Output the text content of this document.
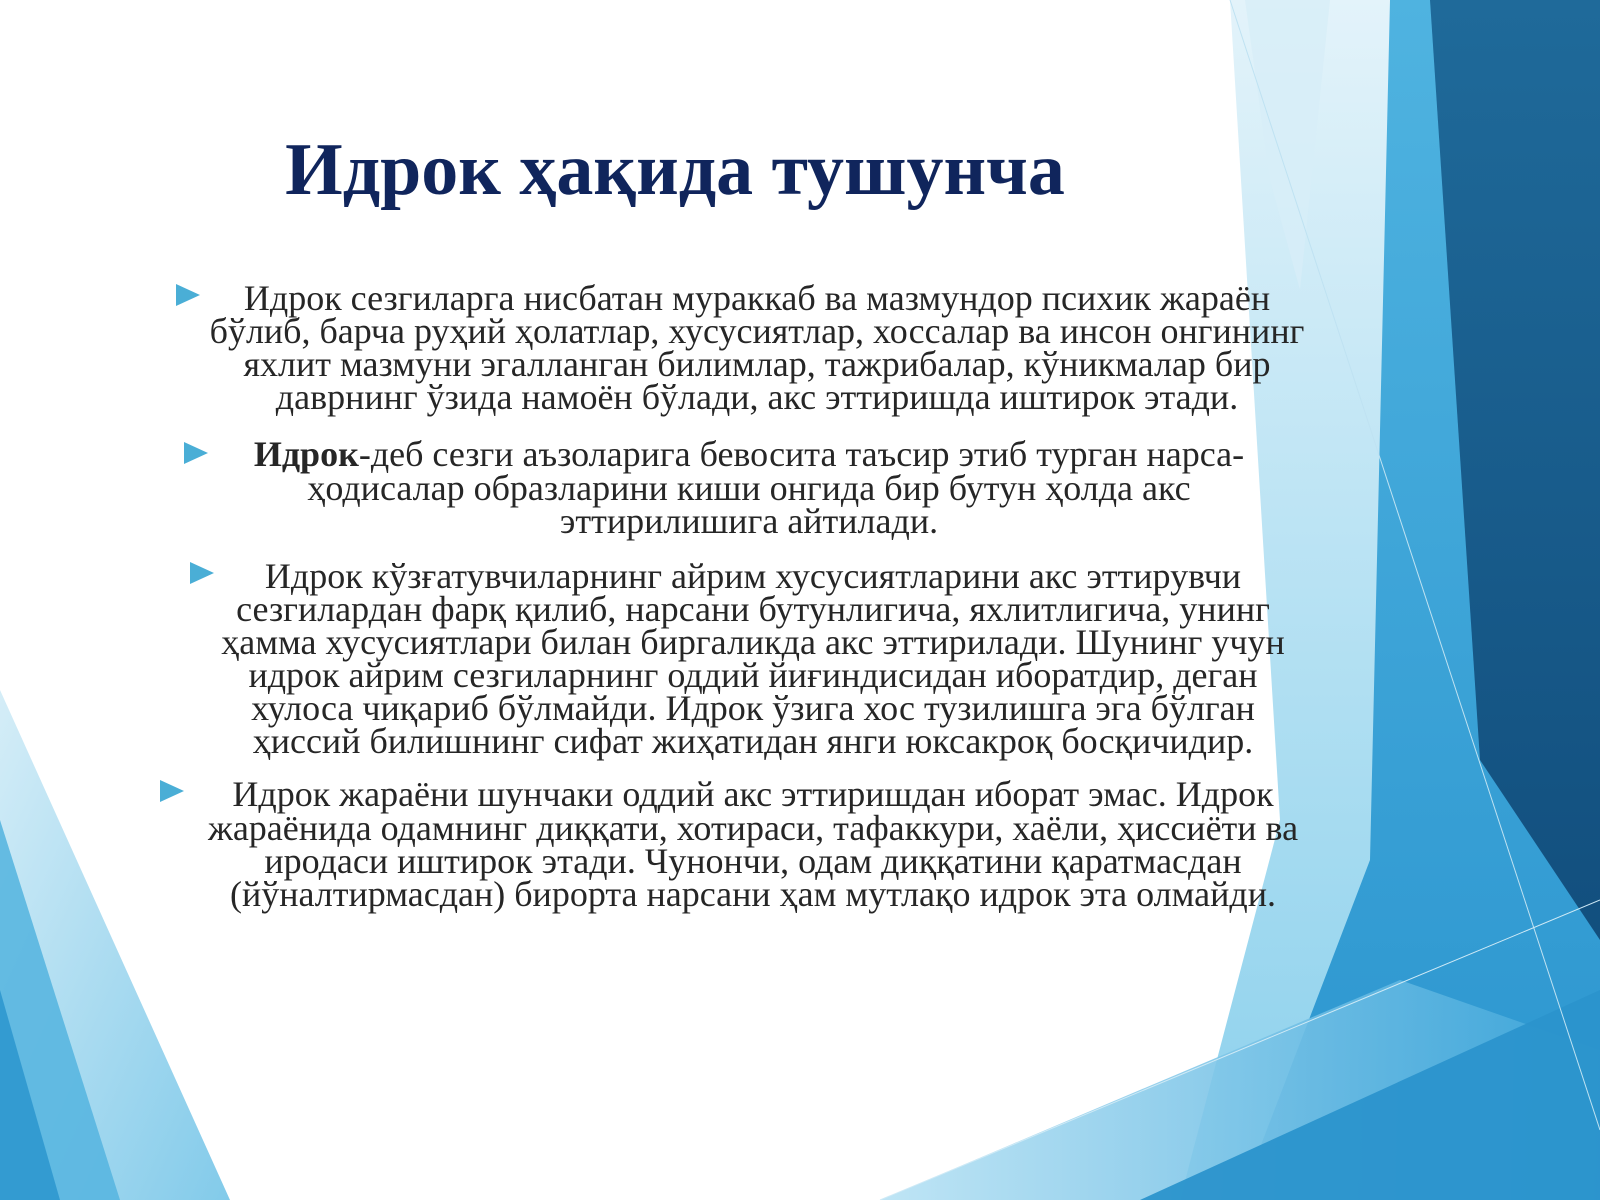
Идрок ҳақида тушунча

Идрок сезгиларга нисбатан мураккаб ва мазмундор психик жараён бўлиб, барча руҳий ҳолатлар, хусусиятлар, хоссалар ва инсон онгининг яхлит мазмуни эгалланган билимлар, тажрибалар, кўникмалар бир даврнинг ўзида намоён бўлади, акс эттиришда иштирок этади.

Идрок-деб сезги аъзоларига бевосита таъсир этиб турган нарса-ҳодисалар образларини киши онгида бир бутун ҳолда акс эттирилишига айтилади.

Идрок кўзғатувчиларнинг айрим хусусиятларини акс эттирувчи сезгилардан фарқ қилиб, нарсани бутунлигича, яхлитлигича, унинг ҳамма хусусиятлари билан биргаликда акс эттирилади. Шунинг учун идрок айрим сезгиларнинг оддий йиғиндисидан иборатдир, деган хулоса чиқариб бўлмайди. Идрок ўзига хос тузилишга эга бўлган ҳиссий билишнинг сифат жиҳатидан янги юксакроқ босқичидир.

Идрок жараёни шунчаки оддий акс эттиришдан иборат эмас. Идрок жараёнида одамнинг диққати, хотираси, тафаккури, хаёли, ҳиссиёти ва иродаси иштирок этади. Чунончи, одам диққатини қаратмасдан (йўналтирмасдан) бирорта нарсани ҳам мутлақо идрок эта олмайди.
